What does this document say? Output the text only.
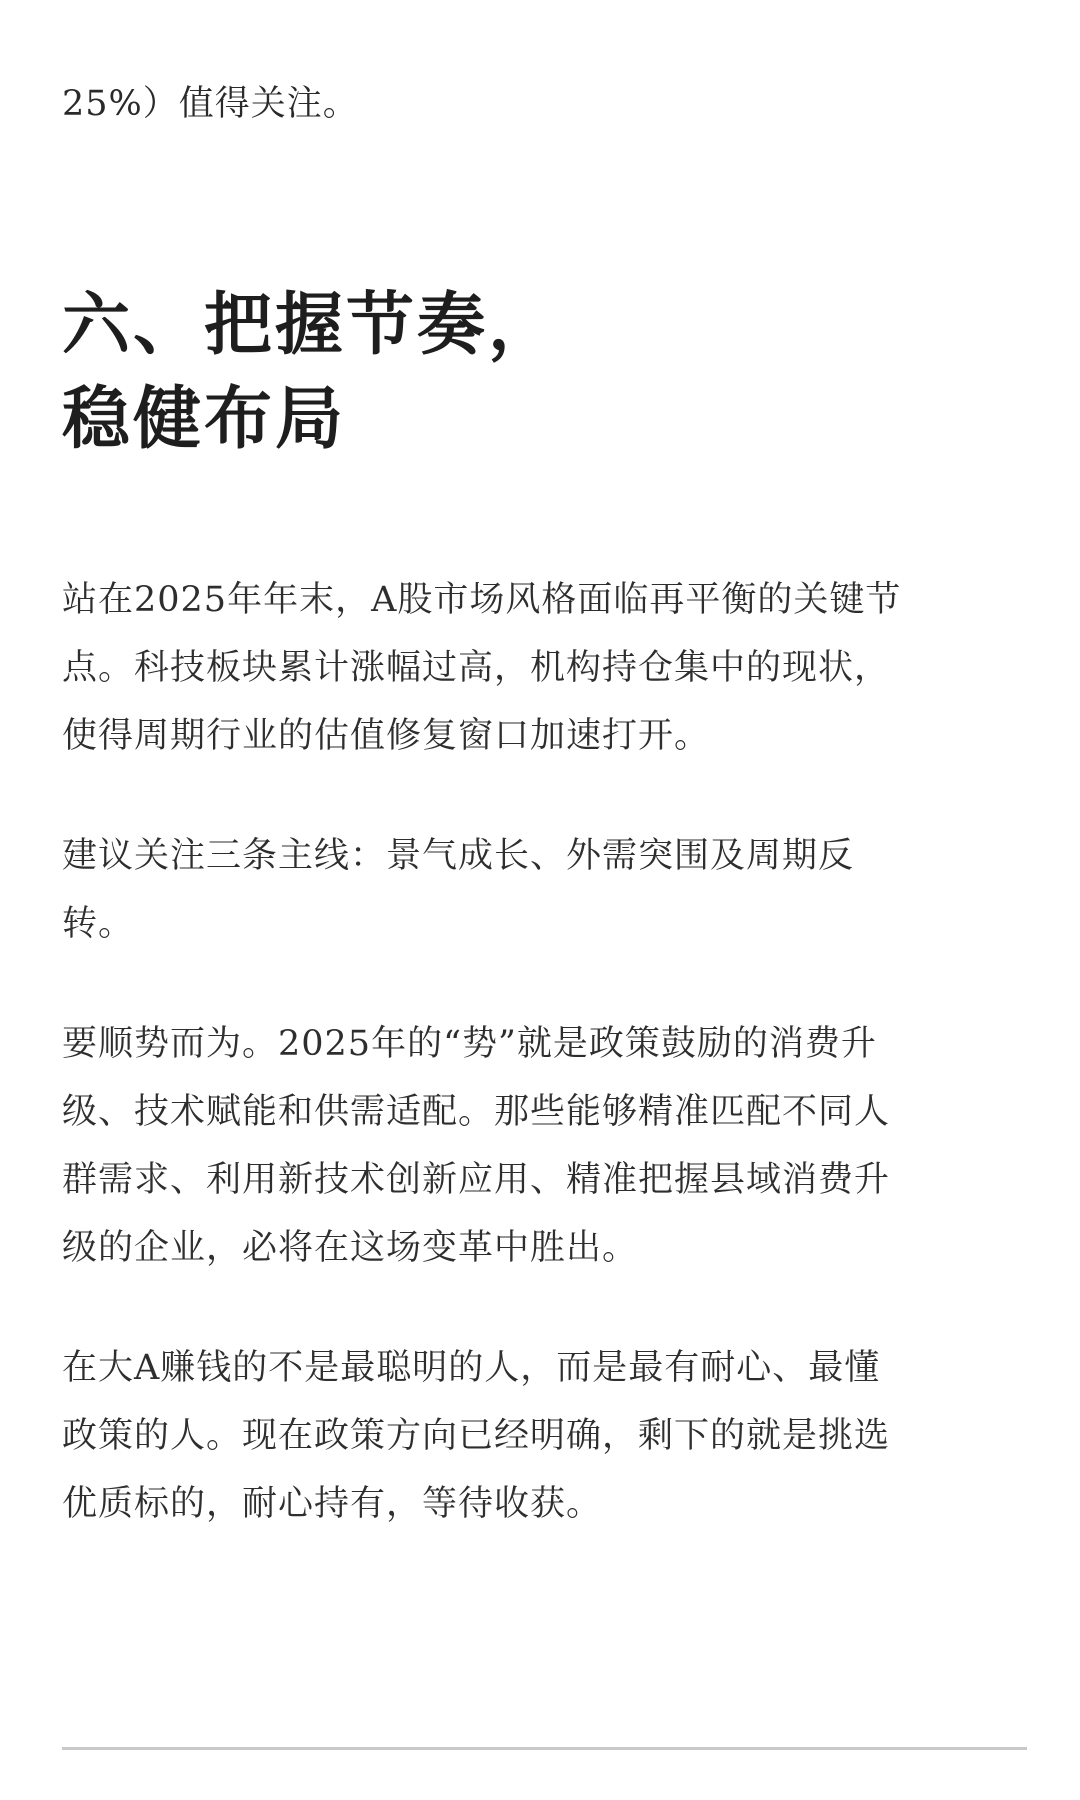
25%）值得关注。

六、把握节奏，
稳健布局

站在2025年年末，A股市场风格面临再平衡的关键节
点。科技板块累计涨幅过高，机构持仓集中的现状，
使得周期行业的估值修复窗口加速打开。

建议关注三条主线：景气成长、外需突围及周期反
转。

要顺势而为。2025年的“势”就是政策鼓励的消费升
级、技术赋能和供需适配。那些能够精准匹配不同人
群需求、利用新技术创新应用、精准把握县域消费升
级的企业，必将在这场变革中胜出。

在大A赚钱的不是最聪明的人，而是最有耐心、最懂
政策的人。现在政策方向已经明确，剩下的就是挑选
优质标的，耐心持有，等待收获。
